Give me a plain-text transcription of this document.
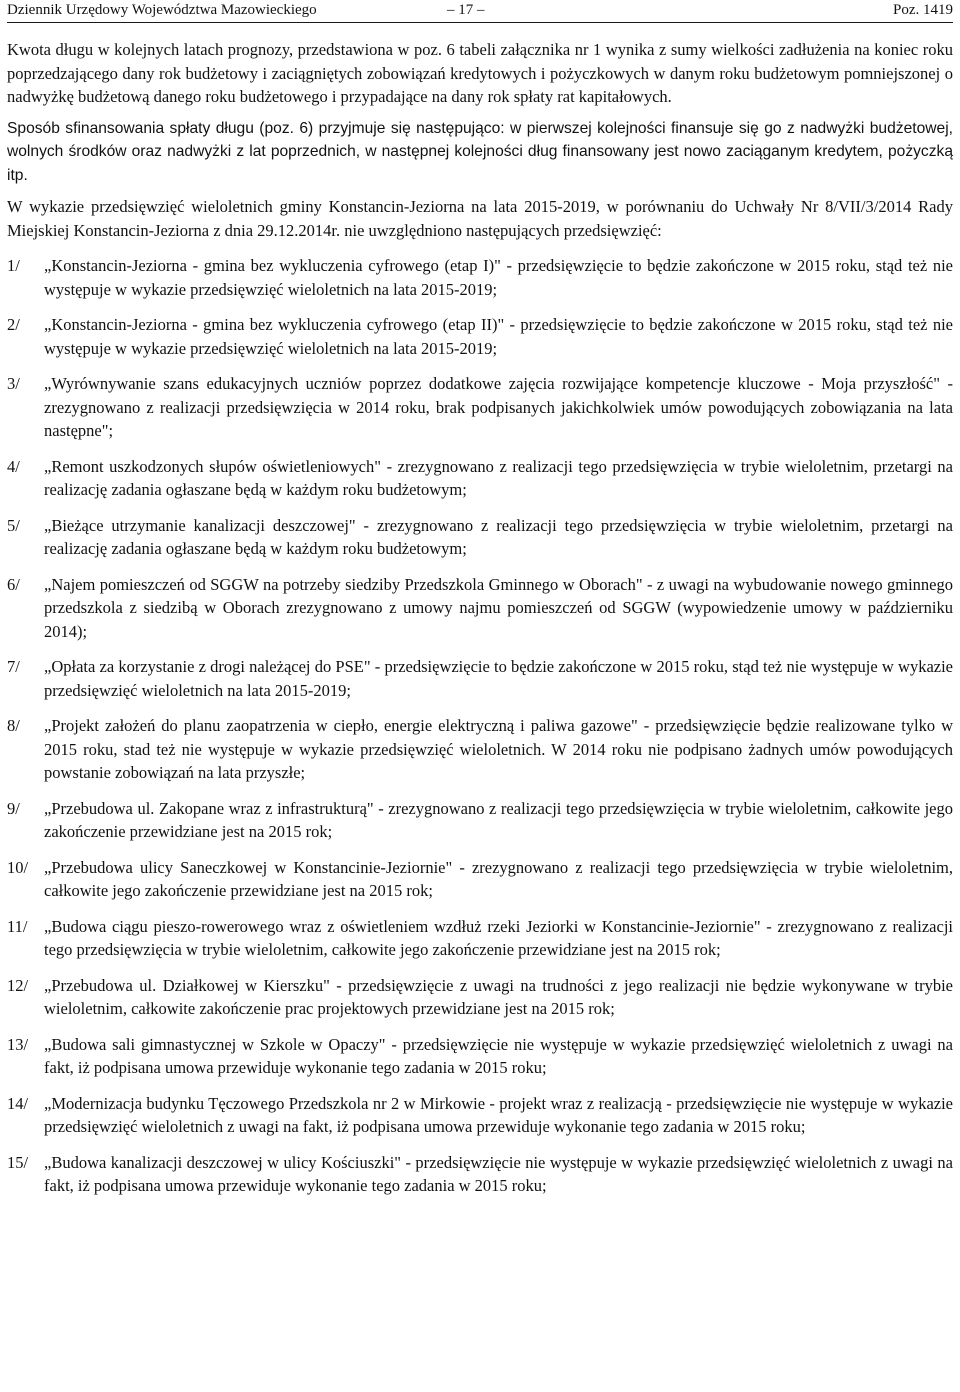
Dziennik Urzędowy Województwa Mazowieckiego	– 17 –	Poz. 1419

Kwota długu w kolejnych latach prognozy, przedstawiona w poz. 6 tabeli załącznika nr 1 wynika z sumy wielkości zadłużenia na koniec roku poprzedzającego dany rok budżetowy i zaciągniętych zobowiązań kredytowych i pożyczkowych w danym roku budżetowym pomniejszonej o nadwyżkę budżetową danego roku budżetowego i przypadające na dany rok spłaty rat kapitałowych.

Sposób sfinansowania spłaty długu (poz. 6) przyjmuje się następująco: w pierwszej kolejności finansuje się go z nadwyżki budżetowej, wolnych środków oraz nadwyżki z lat poprzednich, w następnej kolejności dług finansowany jest nowo zaciąganym kredytem, pożyczką itp.

W wykazie przedsięwzięć wieloletnich gminy Konstancin-Jeziorna na lata 2015-2019, w porównaniu do Uchwały Nr 8/VII/3/2014 Rady Miejskiej Konstancin-Jeziorna z dnia 29.12.2014r. nie uwzględniono następujących przedsięwzięć:

1/ „Konstancin-Jeziorna - gmina bez wykluczenia cyfrowego (etap I)" - przedsięwzięcie to będzie zakończone w 2015 roku, stąd też nie występuje w wykazie przedsięwzięć wieloletnich na lata 2015-2019;
2/ „Konstancin-Jeziorna - gmina bez wykluczenia cyfrowego (etap II)" - przedsięwzięcie to będzie zakończone w 2015 roku, stąd też nie występuje w wykazie przedsięwzięć wieloletnich na lata 2015-2019;
3/ „Wyrównywanie szans edukacyjnych uczniów poprzez dodatkowe zajęcia rozwijające kompetencje kluczowe - Moja przyszłość" - zrezygnowano z realizacji przedsięwzięcia w 2014 roku, brak podpisanych jakichkolwiek umów powodujących zobowiązania na lata następne";
4/ „Remont uszkodzonych słupów oświetleniowych" - zrezygnowano z realizacji tego przedsięwzięcia w trybie wieloletnim, przetargi na realizację zadania ogłaszane będą w każdym roku budżetowym;
5/ „Bieżące utrzymanie kanalizacji deszczowej" - zrezygnowano z realizacji tego przedsięwzięcia w trybie wieloletnim, przetargi na realizację zadania ogłaszane będą w każdym roku budżetowym;
6/ „Najem pomieszczeń od SGGW na potrzeby siedziby Przedszkola Gminnego w Oborach" - z uwagi na wybudowanie nowego gminnego przedszkola z siedzibą w Oborach zrezygnowano z umowy najmu pomieszczeń od SGGW (wypowiedzenie umowy w październiku 2014);
7/ „Opłata za korzystanie z drogi należącej do PSE" - przedsięwzięcie to będzie zakończone w 2015 roku, stąd też nie występuje w wykazie przedsięwzięć wieloletnich na lata 2015-2019;
8/ „Projekt założeń do planu zaopatrzenia w ciepło, energie elektryczną i paliwa gazowe" - przedsięwzięcie będzie realizowane tylko w 2015 roku, stad też nie występuje w wykazie przedsięwzięć wieloletnich. W 2014 roku nie podpisano żadnych umów powodujących powstanie zobowiązań na lata przyszłe;
9/ „Przebudowa ul. Zakopane wraz z infrastrukturą" - zrezygnowano z realizacji tego przedsięwzięcia w trybie wieloletnim, całkowite jego zakończenie przewidziane jest na 2015 rok;
10/ „Przebudowa ulicy Saneczkowej w Konstancinie-Jeziornie" - zrezygnowano z realizacji tego przedsięwzięcia w trybie wieloletnim, całkowite jego zakończenie przewidziane jest na 2015 rok;
11/ „Budowa ciągu pieszo-rowerowego wraz z oświetleniem wzdłuż rzeki Jeziorki w Konstancinie-Jeziornie" - zrezygnowano z realizacji tego przedsięwzięcia w trybie wieloletnim, całkowite jego zakończenie przewidziane jest na 2015 rok;
12/ „Przebudowa ul. Działkowej w Kierszku" - przedsięwzięcie z uwagi na trudności z jego realizacji nie będzie wykonywane w trybie wieloletnim, całkowite zakończenie prac projektowych przewidziane jest na 2015 rok;
13/ „Budowa sali gimnastycznej w Szkole w Opaczy" - przedsięwzięcie nie występuje w wykazie przedsięwzięć wieloletnich z uwagi na fakt, iż podpisana umowa przewiduje wykonanie tego zadania w 2015 roku;
14/ „Modernizacja budynku Tęczowego Przedszkola nr 2 w Mirkowie - projekt wraz z realizacją - przedsięwzięcie nie występuje w wykazie przedsięwzięć wieloletnich z uwagi na fakt, iż podpisana umowa przewiduje wykonanie tego zadania w 2015 roku;
15/ „Budowa kanalizacji deszczowej w ulicy Kościuszki" - przedsięwzięcie nie występuje w wykazie przedsięwzięć wieloletnich z uwagi na fakt, iż podpisana umowa przewiduje wykonanie tego zadania w 2015 roku;
